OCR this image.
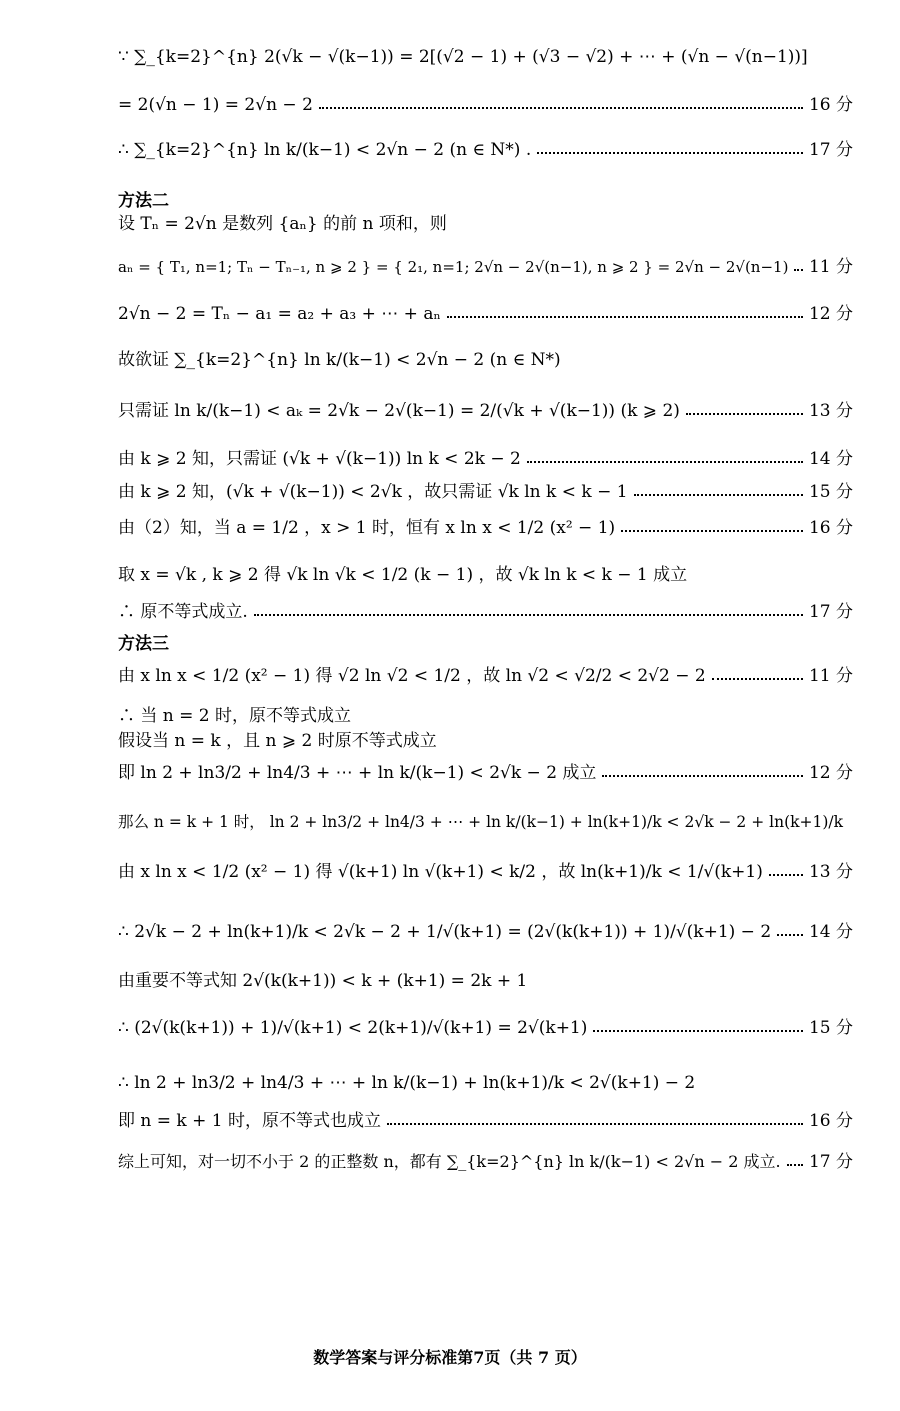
∵ ∑_{k=2}^{n} 2(√k − √(k−1)) = 2[(√2 − 1) + (√3 − √2) + ⋯ + (√n − √(n−1))]
= 2(√n − 1) = 2√n − 2	16 分
∴ ∑_{k=2}^{n} ln k/(k−1) < 2√n − 2 (n ∈ N*) .	17 分
方法二
设 Tₙ = 2√n 是数列 {aₙ} 的前 n 项和，则
aₙ = { T₁, n=1; Tₙ − Tₙ₋₁, n ⩾ 2 } = { 2₁, n=1; 2√n − 2√(n−1), n ⩾ 2 } = 2√n − 2√(n−1) 11 分
2√n − 2 = Tₙ − a₁ = a₂ + a₃ + ⋯ + aₙ	12 分
故欲证 ∑_{k=2}^{n} ln k/(k−1) < 2√n − 2 (n ∈ N*)
只需证 ln k/(k−1) < aₖ = 2√k − 2√(k−1) = 2/(√k + √(k−1)) (k ⩾ 2)	13 分
由 k ⩾ 2 知，只需证 (√k + √(k−1)) ln k < 2k − 2	14 分
由 k ⩾ 2 知，(√k + √(k−1)) < 2√k ，故只需证 √k ln k < k − 1	15 分
由（2）知，当 a = 1/2 ，x > 1 时，恒有 x ln x < 1/2 (x² − 1)	16 分
取 x = √k , k ⩾ 2 得 √k ln √k < 1/2 (k − 1) ，故 √k ln k < k − 1 成立
∴ 原不等式成立.	17 分
方法三
由 x ln x < 1/2 (x² − 1) 得 √2 ln √2 < 1/2 ，故 ln √2 < √2/2 < 2√2 − 2	11 分
∴ 当 n = 2 时，原不等式成立
假设当 n = k ，且 n ⩾ 2 时原不等式成立
即 ln 2 + ln3/2 + ln4/3 + ⋯ + ln k/(k−1) < 2√k − 2 成立	12 分
那么 n = k + 1 时， ln 2 + ln3/2 + ln4/3 + ⋯ + ln k/(k−1) + ln(k+1)/k < 2√k − 2 + ln(k+1)/k
由 x ln x < 1/2 (x² − 1) 得 √(k+1) ln √(k+1) < k/2 ，故 ln(k+1)/k < 1/√(k+1)	13 分
∴ 2√k − 2 + ln(k+1)/k < 2√k − 2 + 1/√(k+1) = (2√(k(k+1)) + 1)/√(k+1) − 2 14 分
由重要不等式知 2√(k(k+1)) < k + (k+1) = 2k + 1
∴ (2√(k(k+1)) + 1)/√(k+1) < 2(k+1)/√(k+1) = 2√(k+1)	15 分
∴ ln 2 + ln3/2 + ln4/3 + ⋯ + ln k/(k−1) + ln(k+1)/k < 2√(k+1) − 2
即 n = k + 1 时，原不等式也成立	16 分
综上可知，对一切不小于 2 的正整数 n，都有 ∑_{k=2}^{n} ln k/(k−1) < 2√n − 2 成立. 17 分
数学答案与评分标准第7页（共 7 页）
